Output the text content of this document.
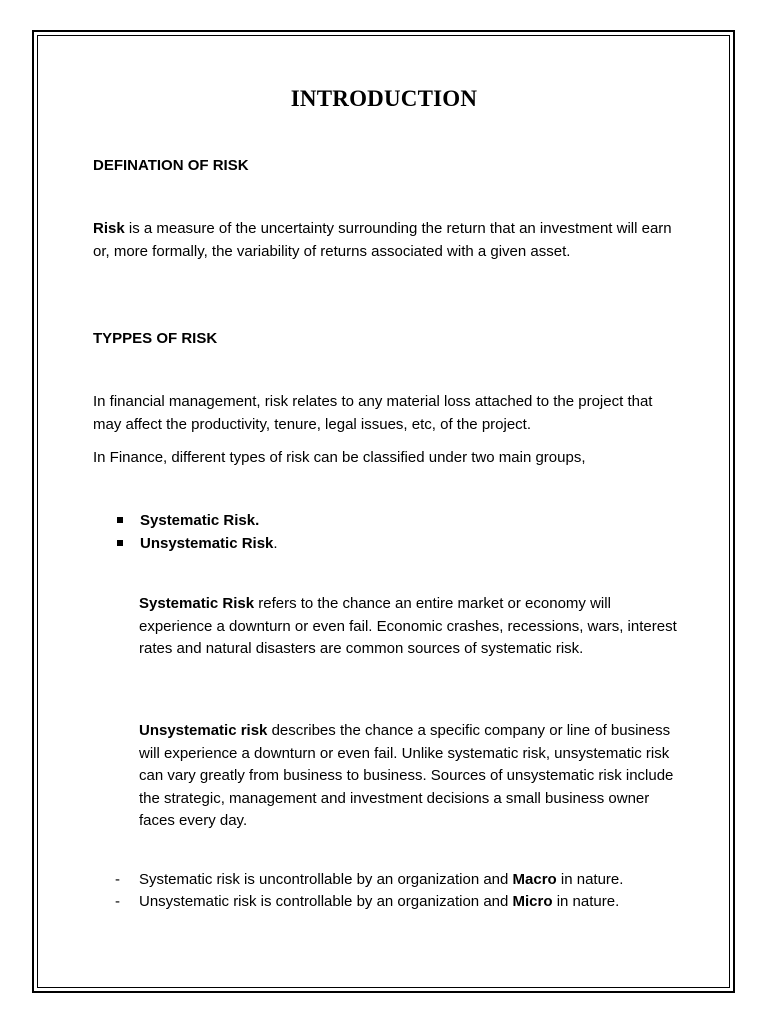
INTRODUCTION
DEFINATION OF RISK

Risk is a measure of the uncertainty surrounding the return that an investment will earn or, more formally, the variability of returns associated with a given asset.

TYPPES OF RISK

In financial management, risk relates to any material loss attached to the project that may affect the productivity, tenure, legal issues, etc, of the project.

In Finance, different types of risk can be classified under two main groups,

Systematic Risk.
Unsystematic Risk.

Systematic Risk refers to the chance an entire market or economy will experience a downturn or even fail. Economic crashes, recessions, wars, interest rates and natural disasters are common sources of systematic risk.

Unsystematic risk describes the chance a specific company or line of business will experience a downturn or even fail. Unlike systematic risk, unsystematic risk can vary greatly from business to business. Sources of unsystematic risk include the strategic, management and investment decisions a small business owner faces every day.

- Systematic risk is uncontrollable by an organization and Macro in nature.
- Unsystematic risk is controllable by an organization and Micro in nature.
